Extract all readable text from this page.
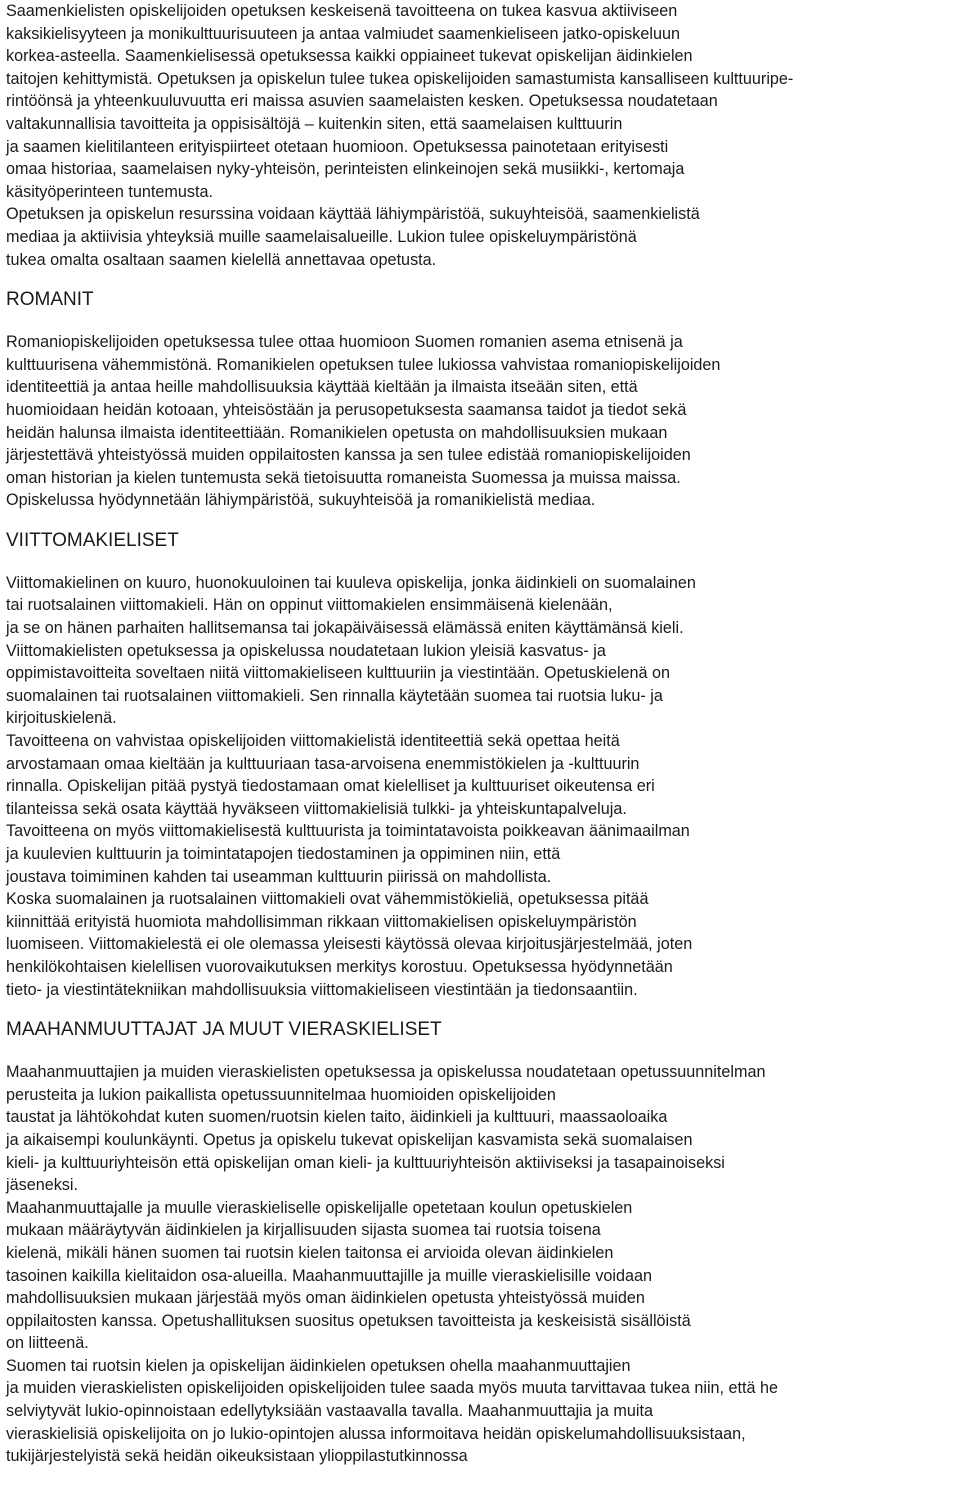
Saamenkielisten opiskelijoiden opetuksen keskeisenä tavoitteena on tukea kasvua aktiiviseen
kaksikielisyyteen ja monikulttuurisuuteen ja antaa valmiudet saamenkieliseen jatko-opiskeluun
korkea-asteella. Saamenkielisessä opetuksessa kaikki oppiaineet tukevat opiskelijan äidinkielen
taitojen kehittymistä. Opetuksen ja opiskelun tulee tukea opiskelijoiden samastumista kansalliseen kulttuuripe-
rintöönsä ja yhteenkuuluvuutta eri maissa asuvien saamelaisten kesken. Opetuksessa noudatetaan
valtakunnallisia tavoitteita ja oppisisältöjä – kuitenkin siten, että saamelaisen kulttuurin
ja saamen kielitilanteen erityispiirteet otetaan huomioon. Opetuksessa painotetaan erityisesti
omaa historiaa, saamelaisen nyky-yhteisön, perinteisten elinkeinojen sekä musiikki-, kertomaja
käsityöperinteen tuntemusta.
Opetuksen ja opiskelun resurssina voidaan käyttää lähiympäristöä, sukuyhteisöä, saamenkielistä
mediaa ja aktiivisia yhteyksiä muille saamelaisalueille. Lukion tulee opiskeluympäristönä
tukea omalta osaltaan saamen kielellä annettavaa opetusta.
ROMANIT
Romaniopiskelijoiden opetuksessa tulee ottaa huomioon Suomen romanien asema etnisenä ja
kulttuurisena vähemmistönä. Romanikielen opetuksen tulee lukiossa vahvistaa romaniopiskelijoiden
identiteettiä ja antaa heille mahdollisuuksia käyttää kieltään ja ilmaista itseään siten, että
huomioidaan heidän kotoaan, yhteisöstään ja perusopetuksesta saamansa taidot ja tiedot sekä
heidän halunsa ilmaista identiteettiään. Romanikielen opetusta on mahdollisuuksien mukaan
järjestettävä yhteistyössä muiden oppilaitosten kanssa ja sen tulee edistää romaniopiskelijoiden
oman historian ja kielen tuntemusta sekä tietoisuutta romaneista Suomessa ja muissa maissa.
Opiskelussa hyödynnetään lähiympäristöä, sukuyhteisöä ja romanikielistä mediaa.
VIITTOMAKIELISET
Viittomakielinen on kuuro, huonokuuloinen tai kuuleva opiskelija, jonka äidinkieli on suomalainen
tai ruotsalainen viittomakieli. Hän on oppinut viittomakielen ensimmäisenä kielenään,
ja se on hänen parhaiten hallitsemansa tai jokapäiväisessä elämässä eniten käyttämänsä kieli.
Viittomakielisten opetuksessa ja opiskelussa noudatetaan lukion yleisiä kasvatus- ja
oppimistavoitteita soveltaen niitä viittomakieliseen kulttuuriin ja viestintään. Opetuskielenä on
suomalainen tai ruotsalainen viittomakieli. Sen rinnalla käytetään suomea tai ruotsia luku- ja
kirjoituskielenä.
Tavoitteena on vahvistaa opiskelijoiden viittomakielistä identiteettiä sekä opettaa heitä
arvostamaan omaa kieltään ja kulttuuriaan tasa-arvoisena enemmistökielen ja -kulttuurin
rinnalla. Opiskelijan pitää pystyä tiedostamaan omat kielelliset ja kulttuuriset oikeutensa eri
tilanteissa sekä osata käyttää hyväkseen viittomakielisiä tulkki- ja yhteiskuntapalveluja.
Tavoitteena on myös viittomakielisestä kulttuurista ja toimintatavoista poikkeavan äänimaailman
ja kuulevien kulttuurin ja toimintatapojen tiedostaminen ja oppiminen niin, että
joustava toimiminen kahden tai useamman kulttuurin piirissä on mahdollista.
Koska suomalainen ja ruotsalainen viittomakieli ovat vähemmistökieliä, opetuksessa pitää
kiinnittää erityistä huomiota mahdollisimman rikkaan viittomakielisen opiskeluympäristön
luomiseen. Viittomakielestä ei ole olemassa yleisesti käytössä olevaa kirjoitusjärjestelmää, joten
henkilökohtaisen kielellisen vuorovaikutuksen merkitys korostuu. Opetuksessa hyödynnetään
tieto- ja viestintätekniikan mahdollisuuksia viittomakieliseen viestintään ja tiedonsaantiin.
MAAHANMUUTTAJAT JA MUUT VIERASKIELISET
Maahanmuuttajien ja muiden vieraskielisten opetuksessa ja opiskelussa noudatetaan opetussuunnitelman
perusteita ja lukion paikallista opetussuunnitelmaa huomioiden opiskelijoiden
taustat ja lähtökohdat kuten suomen/ruotsin kielen taito, äidinkieli ja kulttuuri, maassaoloaika
ja aikaisempi koulunkäynti. Opetus ja opiskelu tukevat opiskelijan kasvamista sekä suomalaisen
kieli- ja kulttuuriyhteisön että opiskelijan oman kieli- ja kulttuuriyhteisön aktiiviseksi ja tasapainoiseksi
jäseneksi.
Maahanmuuttajalle ja muulle vieraskieliselle opiskelijalle opetetaan koulun opetuskielen
mukaan määräytyvän äidinkielen ja kirjallisuuden sijasta suomea tai ruotsia toisena
kielenä, mikäli hänen suomen tai ruotsin kielen taitonsa ei arvioida olevan äidinkielen
tasoinen kaikilla kielitaidon osa-alueilla. Maahanmuuttajille ja muille vieraskielisille voidaan
mahdollisuuksien mukaan järjestää myös oman äidinkielen opetusta yhteistyössä muiden
oppilaitosten kanssa. Opetushallituksen suositus opetuksen tavoitteista ja keskeisistä sisällöistä
on liitteenä.
Suomen tai ruotsin kielen ja opiskelijan äidinkielen opetuksen ohella maahanmuuttajien
ja muiden vieraskielisten opiskelijoiden opiskelijoiden tulee saada myös muuta tarvittavaa tukea niin, että he
selviytyvät lukio-opinnoistaan edellytyksiään vastaavalla tavalla. Maahanmuuttajia ja muita
vieraskielisiä opiskelijoita on jo lukio-opintojen alussa informoitava heidän opiskelumahdollisuuksistaan,
tukijärjestelyistä sekä heidän oikeuksistaan ylioppilastutkinnossa
